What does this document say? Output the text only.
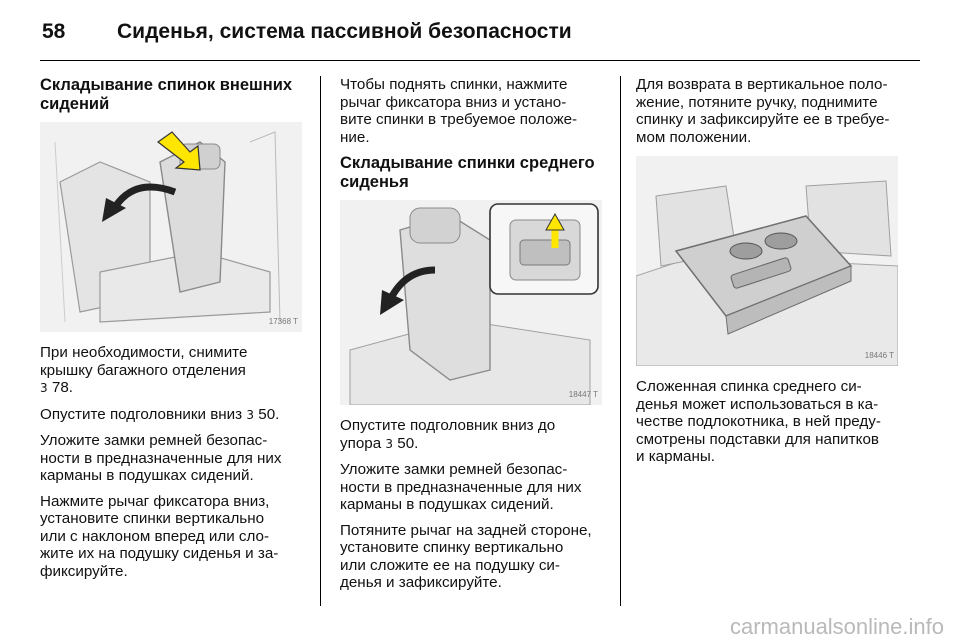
58 Сиденья, система пассивной безопасности
Складывание спинок внешних
сидений
17368 T

При необходимости, снимите
крышку багажного отделения
3 78.

Опустите подголовники вниз 3 50.

Уложите замки ремней безопас-
ности в предназначенные для них
карманы в подушках сидений.

Нажмите рычаг фиксатора вниз,
установите спинки вертикально
или с наклоном вперед или сло-
жите их на подушку сиденья и за-
фиксируйте.

Чтобы поднять спинки, нажмите
рычаг фиксатора вниз и устано-
вите спинки в требуемое положе-
ние.

Складывание спинки среднего
сиденья
18447 T

Опустите подголовник вниз до
упора 3 50.

Уложите замки ремней безопас-
ности в предназначенные для них
карманы в подушках сидений.

Потяните рычаг на задней стороне,
установите спинку вертикально
или сложите ее на подушку си-
денья и зафиксируйте.

Для возврата в вертикальное поло-
жение, потяните ручку, поднимите
спинку и зафиксируйте ее в требуе-
мом положении.

18446 T

Сложенная спинка среднего си-
денья может использоваться в ка-
честве подлокотника, в ней преду-
смотрены подставки для напитков
и карманы.

carmanualsonline.info
